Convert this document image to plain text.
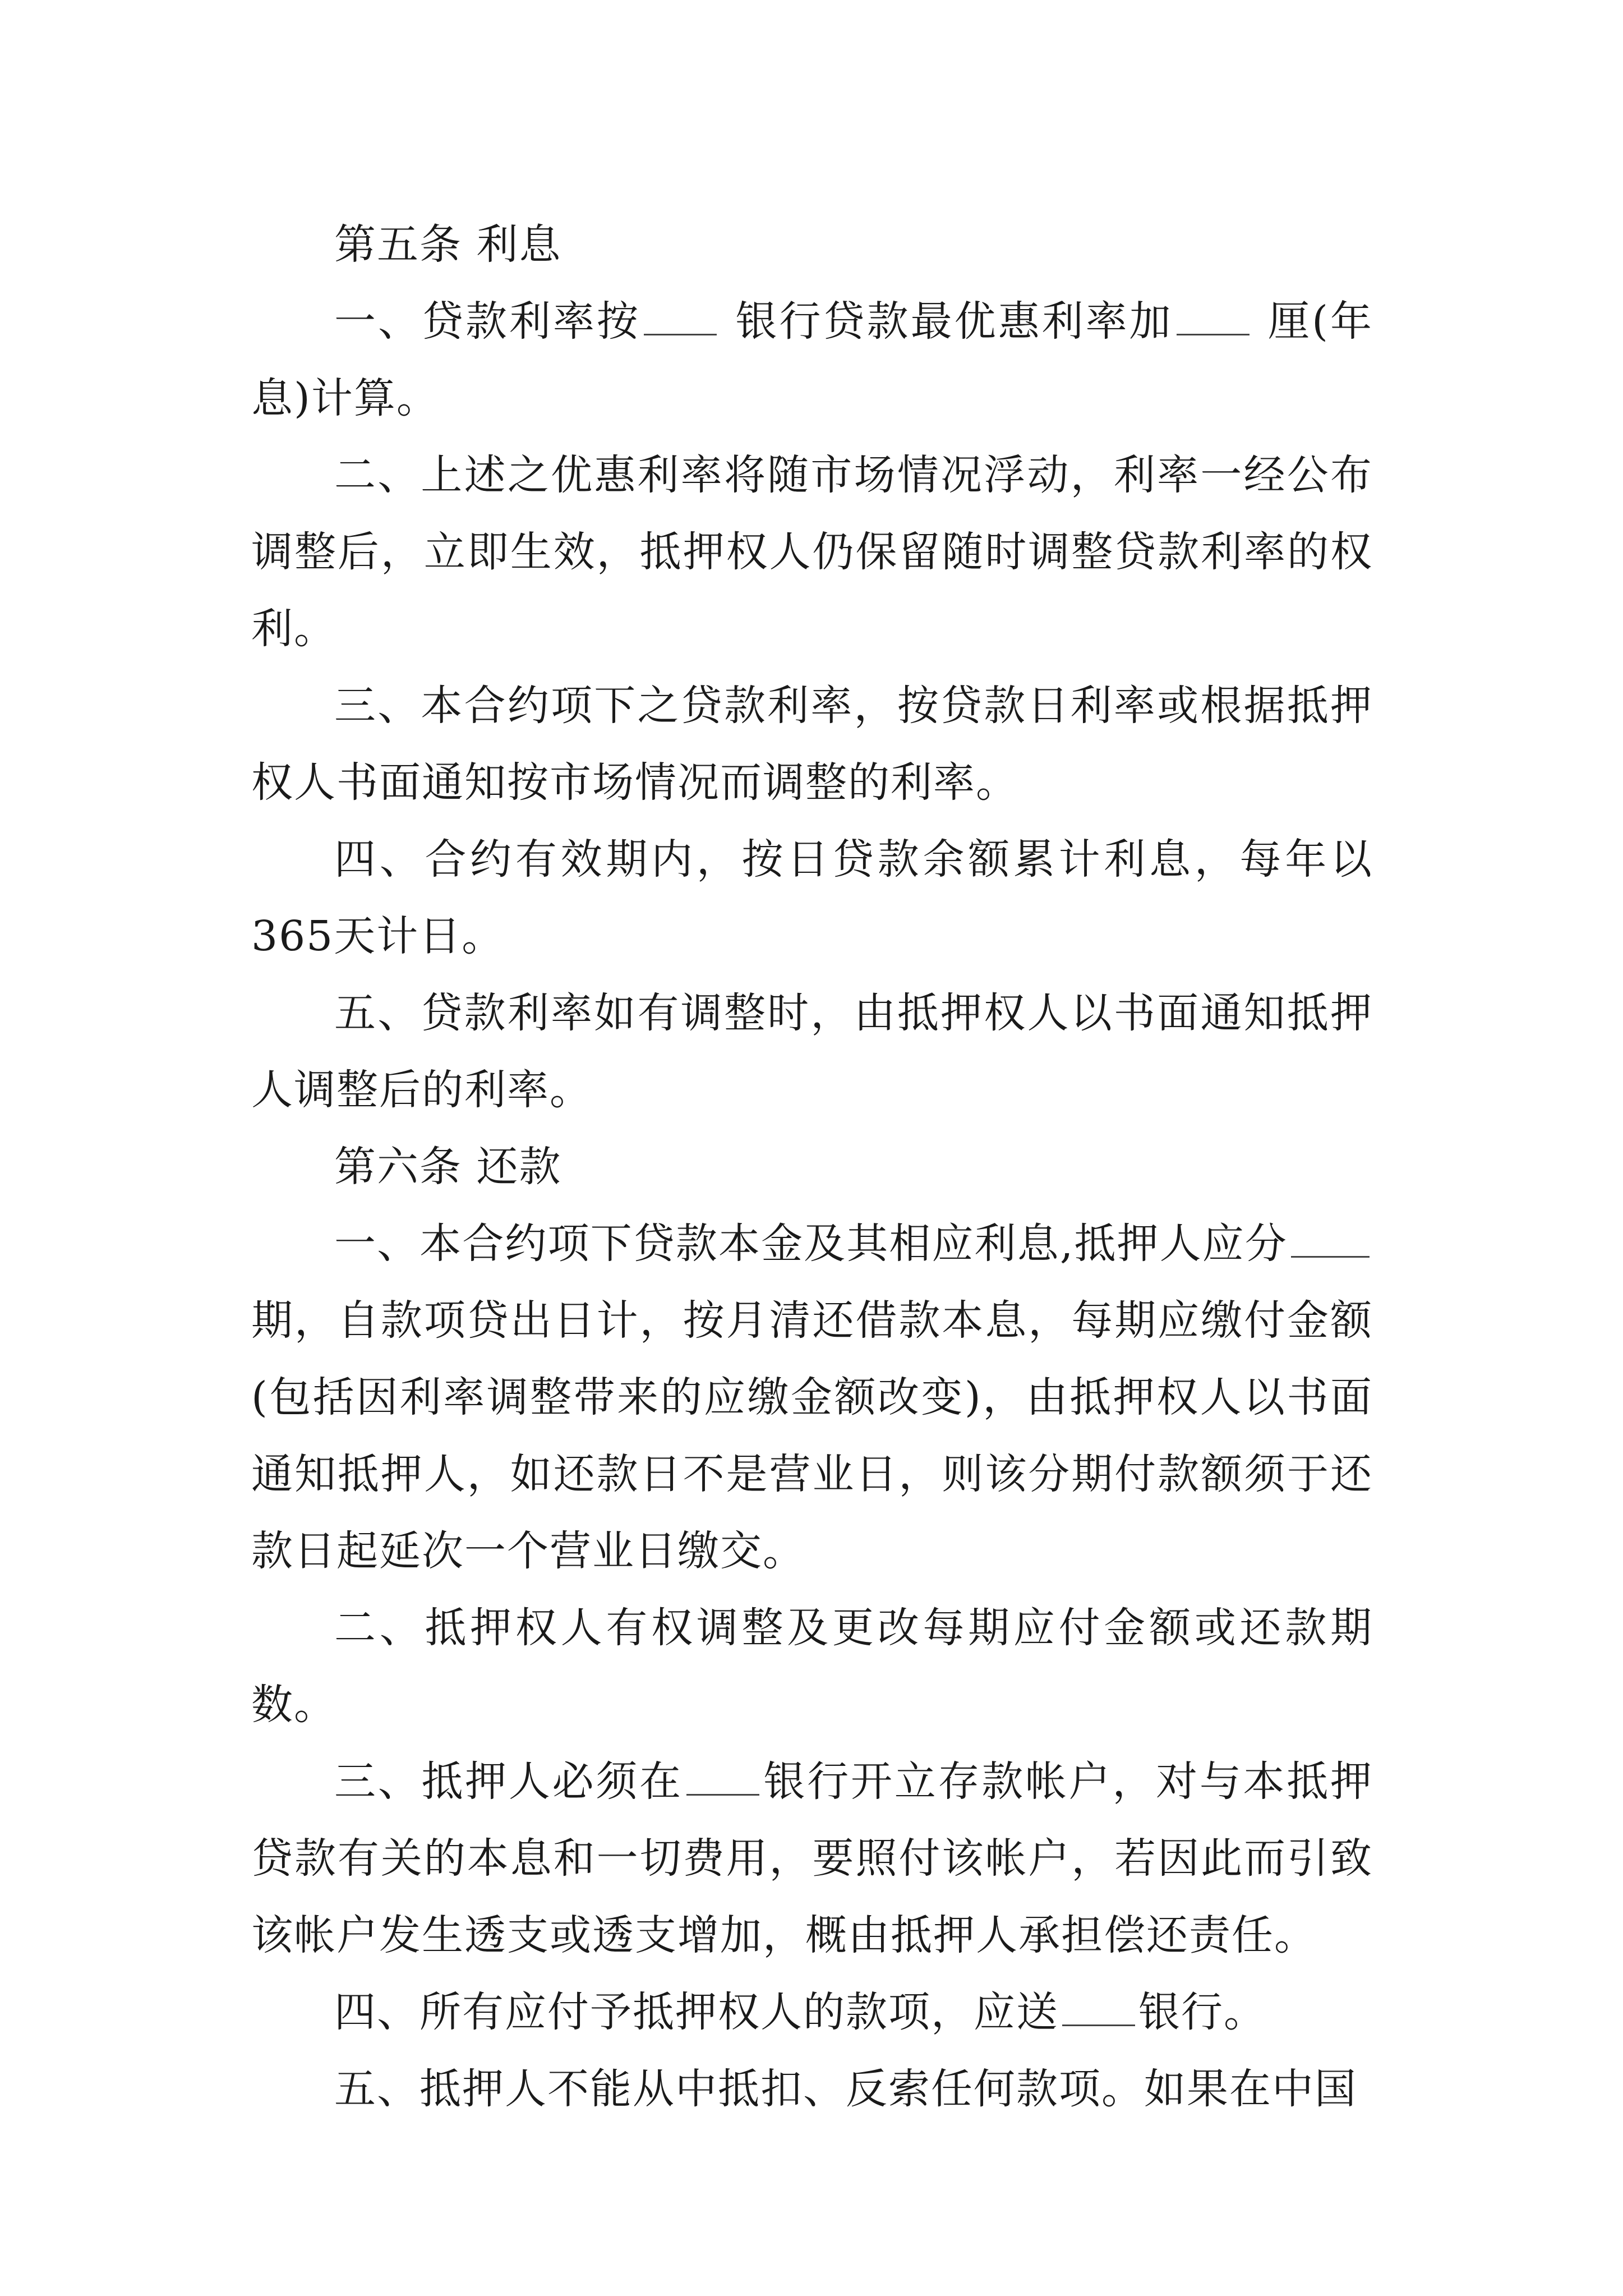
第五条 利息

一、贷款利率按 银行贷款最优惠利率加 厘(年息)计算。

二、上述之优惠利率将随市场情况浮动，利率一经公布调整后，立即生效，抵押权人仍保留随时调整贷款利率的权利。

三、本合约项下之贷款利率，按贷款日利率或根据抵押权人书面通知按市场情况而调整的利率。

四、合约有效期内，按日贷款余额累计利息，每年以365天计日。

五、贷款利率如有调整时，由抵押权人以书面通知抵押人调整后的利率。

第六条 还款

一、本合约项下贷款本金及其相应利息,抵押人应分期，自款项贷出日计，按月清还借款本息，每期应缴付金额(包括因利率调整带来的应缴金额改变)，由抵押权人以书面通知抵押人，如还款日不是营业日，则该分期付款额须于还款日起延次一个营业日缴交。

二、抵押权人有权调整及更改每期应付金额或还款期数。

三、抵押人必须在 银行开立存款帐户，对与本抵押贷款有关的本息和一切费用，要照付该帐户，若因此而引致该帐户发生透支或透支增加，概由抵押人承担偿还责任。

四、所有应付予抵押权人的款项，应送 银行。

五、抵押人不能从中抵扣、反索任何款项。如果在中国
